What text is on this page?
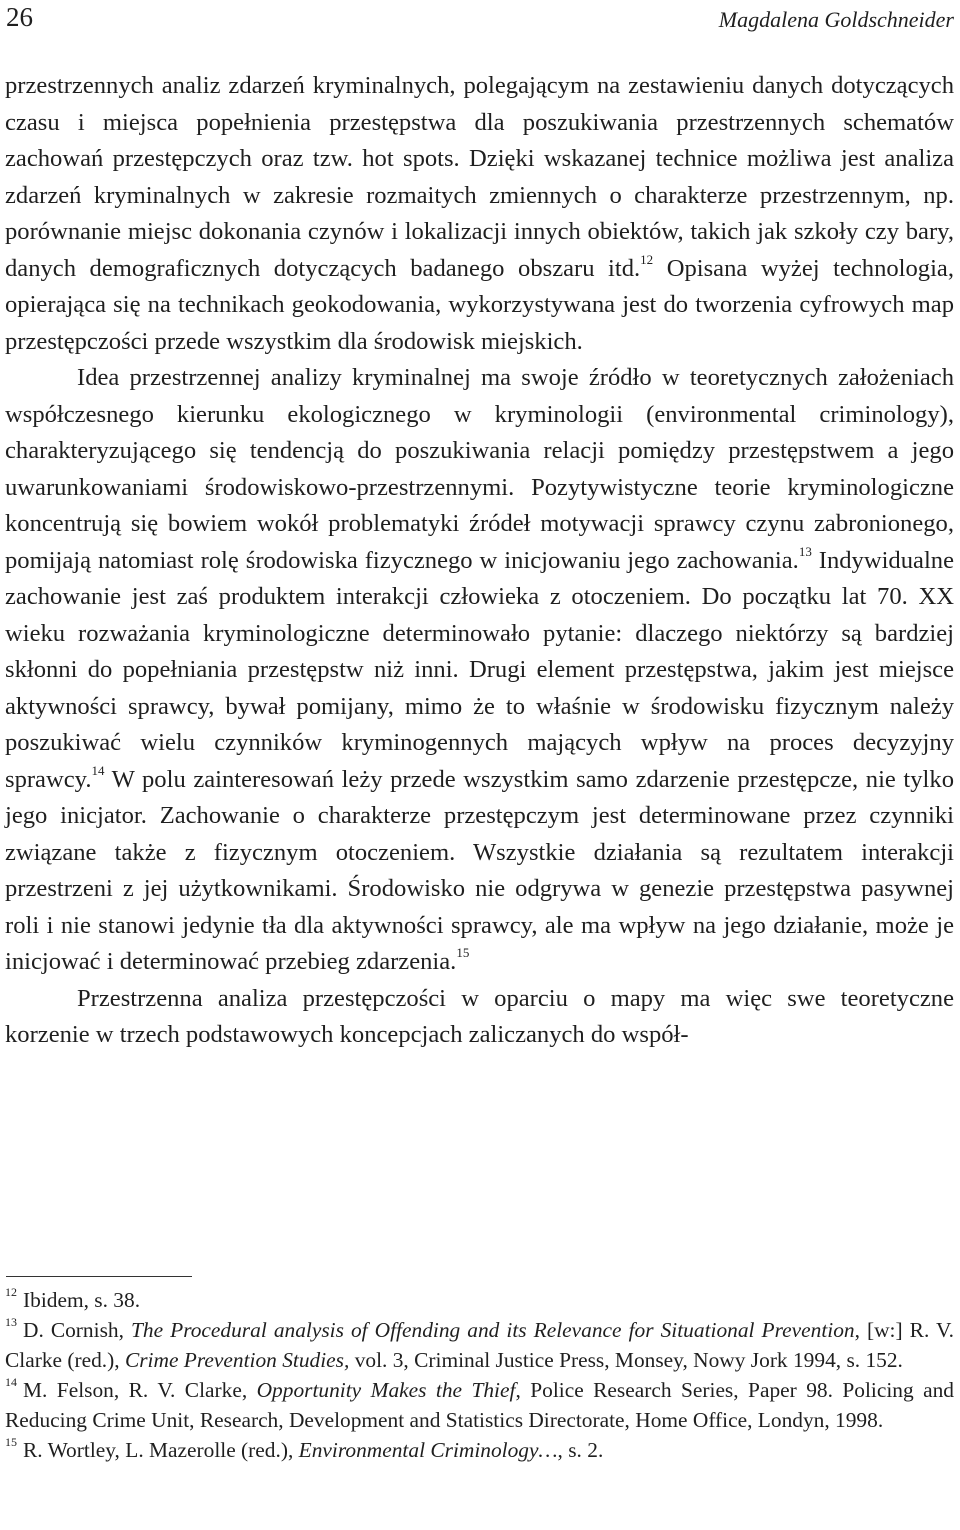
26	Magdalena Goldschneider

przestrzennych analiz zdarzeń kryminalnych, polegającym na zestawieniu danych dotyczących czasu i miejsca popełnienia przestępstwa dla poszukiwania przestrzennych schematów zachowań przestępczych oraz tzw. hot spots. Dzięki wskazanej technice możliwa jest analiza zdarzeń kryminalnych w zakresie rozmaitych zmiennych o charakterze przestrzennym, np. porównanie miejsc dokonania czynów i lokalizacji innych obiektów, takich jak szkoły czy bary, danych demograficznych dotyczących badanego obszaru itd.$^{12}$ Opisana wyżej technologia, opierająca się na technikach geokodowania, wykorzystywana jest do tworzenia cyfrowych map przestępczości przede wszystkim dla środowisk miejskich.

Idea przestrzennej analizy kryminalnej ma swoje źródło w teoretycznych założeniach współczesnego kierunku ekologicznego w kryminologii (environmental criminology), charakteryzującego się tendencją do poszukiwania relacji pomiędzy przestępstwem a jego uwarunkowaniami środowiskowo-przestrzennymi. Pozytywistyczne teorie kryminologiczne koncentrują się bowiem wokół problematyki źródeł motywacji sprawcy czynu zabronionego, pomijają natomiast rolę środowiska fizycznego w inicjowaniu jego zachowania.$^{13}$ Indywidualne zachowanie jest zaś produktem interakcji człowieka z otoczeniem. Do początku lat 70. XX wieku rozważania kryminologiczne determinowało pytanie: dlaczego niektórzy są bardziej skłonni do popełniania przestępstw niż inni. Drugi element przestępstwa, jakim jest miejsce aktywności sprawcy, bywał pomijany, mimo że to właśnie w środowisku fizycznym należy poszukiwać wielu czynników kryminogennych mających wpływ na proces decyzyjny sprawcy.$^{14}$ W polu zainteresowań leży przede wszystkim samo zdarzenie przestępcze, nie tylko jego inicjator. Zachowanie o charakterze przestępczym jest determinowane przez czynniki związane także z fizycznym otoczeniem. Wszystkie działania są rezultatem interakcji przestrzeni z jej użytkownikami. Środowisko nie odgrywa w genezie przestępstwa pasywnej roli i nie stanowi jedynie tła dla aktywności sprawcy, ale ma wpływ na jego działanie, może je inicjować i determinować przebieg zdarzenia.$^{15}$

Przestrzenna analiza przestępczości w oparciu o mapy ma więc swe teoretyczne korzenie w trzech podstawowych koncepcjach zaliczanych do współ-

$^{12}$ Ibidem, s. 38.

$^{13}$ D. Cornish, The Procedural analysis of Offending and its Relevance for Situational Prevention, [w:] R. V. Clarke (red.), Crime Prevention Studies, vol. 3, Criminal Justice Press, Monsey, Nowy Jork 1994, s. 152.

$^{14}$ M. Felson, R. V. Clarke, Opportunity Makes the Thief, Police Research Series, Paper 98. Policing and Reducing Crime Unit, Research, Development and Statistics Directorate, Home Office, Londyn, 1998.

$^{15}$ R. Wortley, L. Mazerolle (red.), Environmental Criminology…, s. 2.
